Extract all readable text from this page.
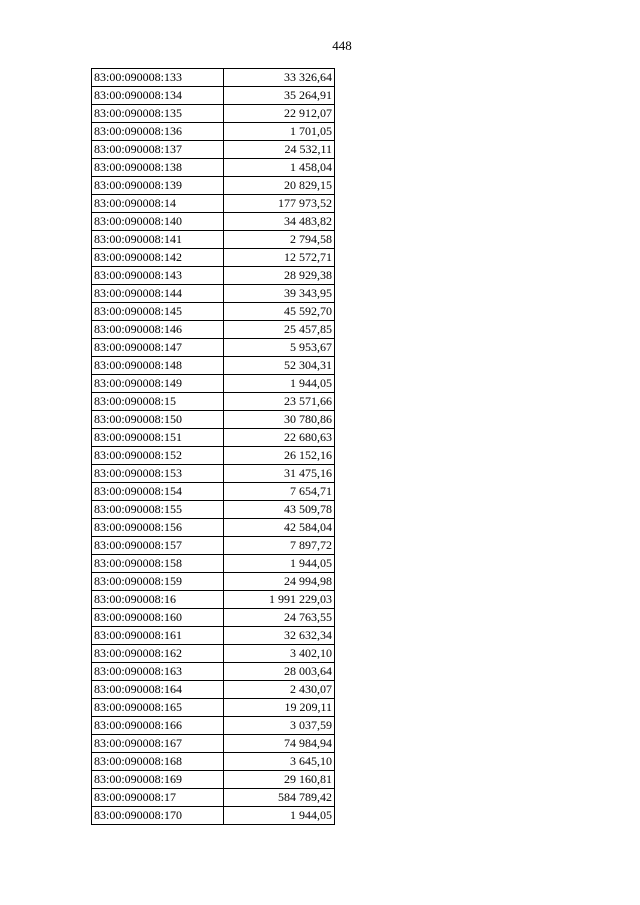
448
83:00:090008:133	33 326,64
83:00:090008:134	35 264,91
83:00:090008:135	22 912,07
83:00:090008:136	1 701,05
83:00:090008:137	24 532,11
83:00:090008:138	1 458,04
83:00:090008:139	20 829,15
83:00:090008:14	177 973,52
83:00:090008:140	34 483,82
83:00:090008:141	2 794,58
83:00:090008:142	12 572,71
83:00:090008:143	28 929,38
83:00:090008:144	39 343,95
83:00:090008:145	45 592,70
83:00:090008:146	25 457,85
83:00:090008:147	5 953,67
83:00:090008:148	52 304,31
83:00:090008:149	1 944,05
83:00:090008:15	23 571,66
83:00:090008:150	30 780,86
83:00:090008:151	22 680,63
83:00:090008:152	26 152,16
83:00:090008:153	31 475,16
83:00:090008:154	7 654,71
83:00:090008:155	43 509,78
83:00:090008:156	42 584,04
83:00:090008:157	7 897,72
83:00:090008:158	1 944,05
83:00:090008:159	24 994,98
83:00:090008:16	1 991 229,03
83:00:090008:160	24 763,55
83:00:090008:161	32 632,34
83:00:090008:162	3 402,10
83:00:090008:163	28 003,64
83:00:090008:164	2 430,07
83:00:090008:165	19 209,11
83:00:090008:166	3 037,59
83:00:090008:167	74 984,94
83:00:090008:168	3 645,10
83:00:090008:169	29 160,81
83:00:090008:17	584 789,42
83:00:090008:170	1 944,05
